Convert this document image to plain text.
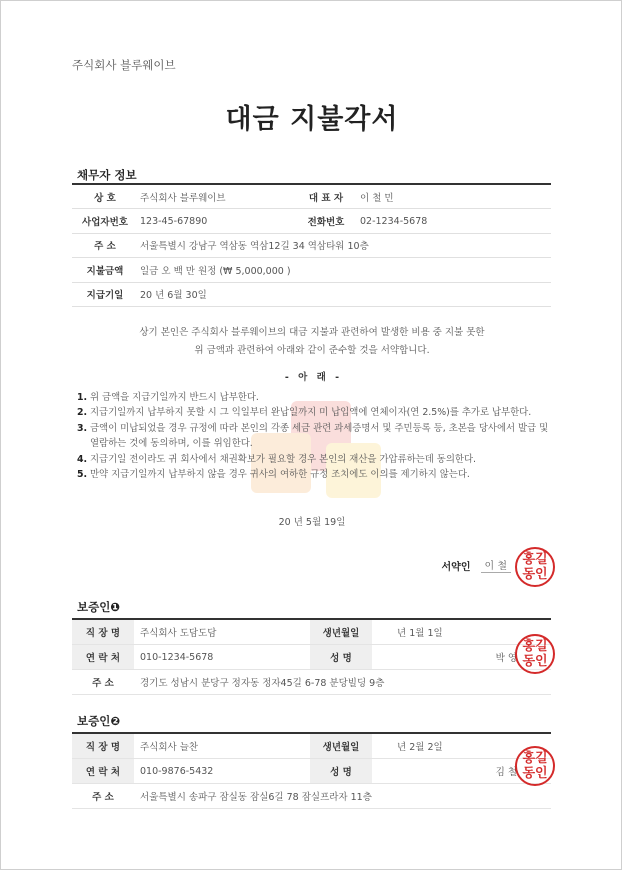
주식회사 블루웨이브
대금 지불각서
채무자 정보
상 호	주식회사 블루웨이브	대 표 자	이 철 민
사업자번호	123-45-67890	전화번호	02-1234-5678
주 소	서울특별시 강남구 역삼동 역삼12길 34 역삼타워 10층
지불금액	일금 오 백 만 원정 (₩ 5,000,000 )
지급기일	20 년 6월 30일
상기 본인은 주식회사 블루웨이브의 대금 지불과 관련하여 발생한 비용 중 지불 못한
위 금액과 관련하여 아래와 같이 준수할 것을 서약합니다.
- 아 래 -
1. 위 금액을 지급기일까지 반드시 납부한다.
2. 지급기일까지 납부하지 못할 시 그 익일부터 완납일까지 미 납입액에 연체이자(연 2.5%)를 추가로 납부한다.
3. 금액이 미납되었을 경우 규정에 따라 본인의 각종 세금 관련 과세증명서 및 주민등록 등, 초본을 당사에서 발급 및 열람하는 것에 동의하며, 이를 위임한다.
4. 지급기일 전이라도 귀 회사에서 채권확보가 필요할 경우 본인의 재산을 가압류하는데 동의한다.
5. 만약 지급기일까지 납부하지 않을 경우 귀사의 여하한 규정 조치에도 이의를 제기하지 않는다.
20 년 5월 19일
서약인	이 철	홍길
동인
보증인❶
직 장 명	주식회사 도담도담	생년월일	년 1월 1일
연 락 처	010-1234-5678	성 명	박 영
주 소	경기도 성남시 분당구 정자동 정자45길 6-78 분당빌딩 9층
홍길
동인
보증인❷
직 장 명	주식회사 늘찬	생년월일	년 2월 2일
연 락 처	010-9876-5432	성 명	김 철
주 소	서울특별시 송파구 잠실동 잠실6길 78 잠실프라자 11층
홍길
동인
